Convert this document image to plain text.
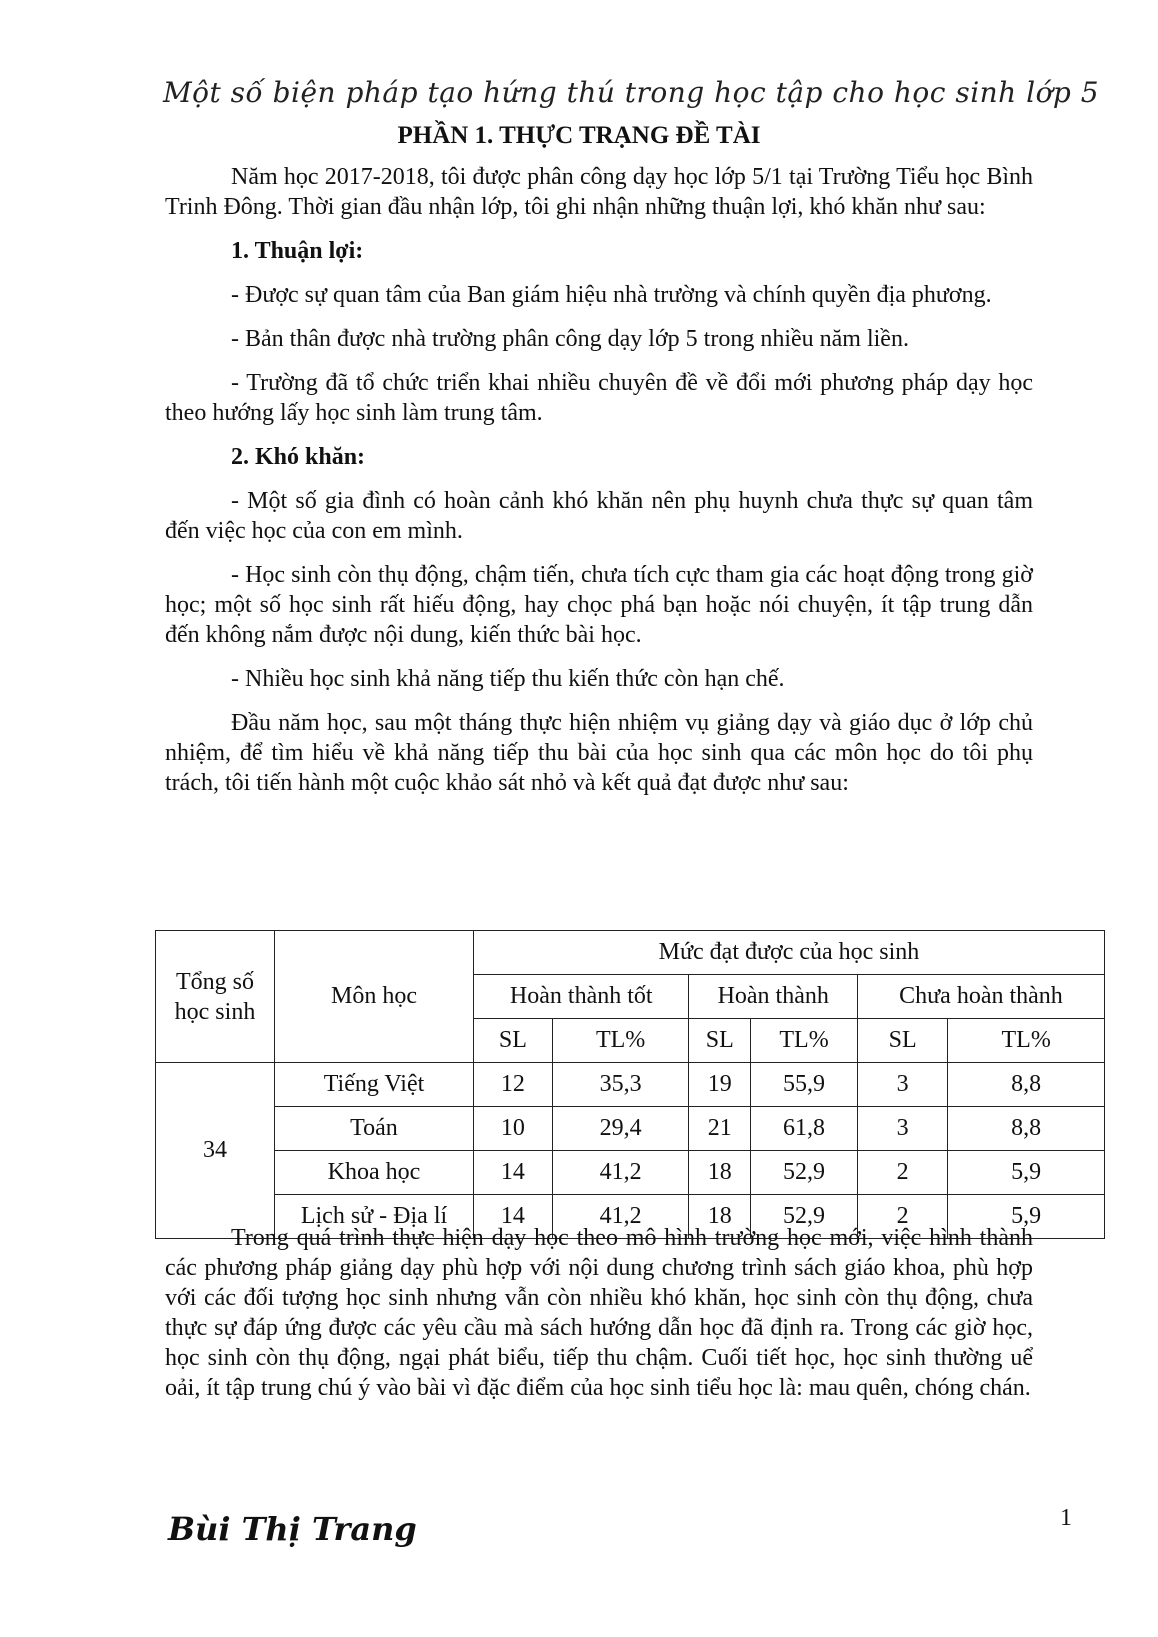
Một số biện pháp tạo hứng thú trong học tập cho học sinh lớp 5
PHẦN 1. THỰC TRẠNG ĐỀ TÀI

Năm học 2017-2018, tôi được phân công dạy học lớp 5/1 tại Trường Tiểu học Bình Trinh Đông. Thời gian đầu nhận lớp, tôi ghi nhận những thuận lợi, khó khăn như sau:

1. Thuận lợi:

- Được sự quan tâm của Ban giám hiệu nhà trường và chính quyền địa phương.

- Bản thân được nhà trường phân công dạy lớp 5 trong nhiều năm liền.

- Trường đã tổ chức triển khai nhiều chuyên đề về đổi mới phương pháp dạy học theo hướng lấy học sinh làm trung tâm.

2. Khó khăn:

- Một số gia đình có hoàn cảnh khó khăn nên phụ huynh chưa thực sự quan tâm đến việc học của con em mình.

- Học sinh còn thụ động, chậm tiến, chưa tích cực tham gia các hoạt động trong giờ học; một số học sinh rất hiếu động, hay chọc phá bạn hoặc nói chuyện, ít tập trung dẫn đến không nắm được nội dung, kiến thức bài học.

- Nhiều học sinh khả năng tiếp thu kiến thức còn hạn chế.

Đầu năm học, sau một tháng thực hiện nhiệm vụ giảng dạy và giáo dục ở lớp chủ nhiệm, để tìm hiểu về khả năng tiếp thu bài của học sinh qua các môn học do tôi phụ trách, tôi tiến hành một cuộc khảo sát nhỏ và kết quả đạt được như sau:

Tổng số học sinh	Môn học	Mức đạt được của học sinh					
		Hoàn thành tốt		Hoàn thành		Chưa hoàn thành	
		SL	TL%	SL	TL%	SL	TL%
34	Tiếng Việt	12	35,3	19	55,9	3	8,8
	Toán	10	29,4	21	61,8	3	8,8
	Khoa học	14	41,2	18	52,9	2	5,9
	Lịch sử - Địa lí	14	41,2	18	52,9	2	5,9

Trong quá trình thực hiện dạy học theo mô hình trường học mới, việc hình thành các phương pháp giảng dạy phù hợp với nội dung chương trình sách giáo khoa, phù hợp với các đối tượng học sinh nhưng vẫn còn nhiều khó khăn, học sinh còn thụ động, chưa thực sự đáp ứng được các yêu cầu mà sách hướng dẫn học đã định ra. Trong các giờ học, học sinh còn thụ động, ngại phát biểu, tiếp thu chậm. Cuối tiết học, học sinh thường uể oải, ít tập trung chú ý vào bài vì đặc điểm của học sinh tiểu học là: mau quên, chóng chán.

Bùi Thị Trang	1
